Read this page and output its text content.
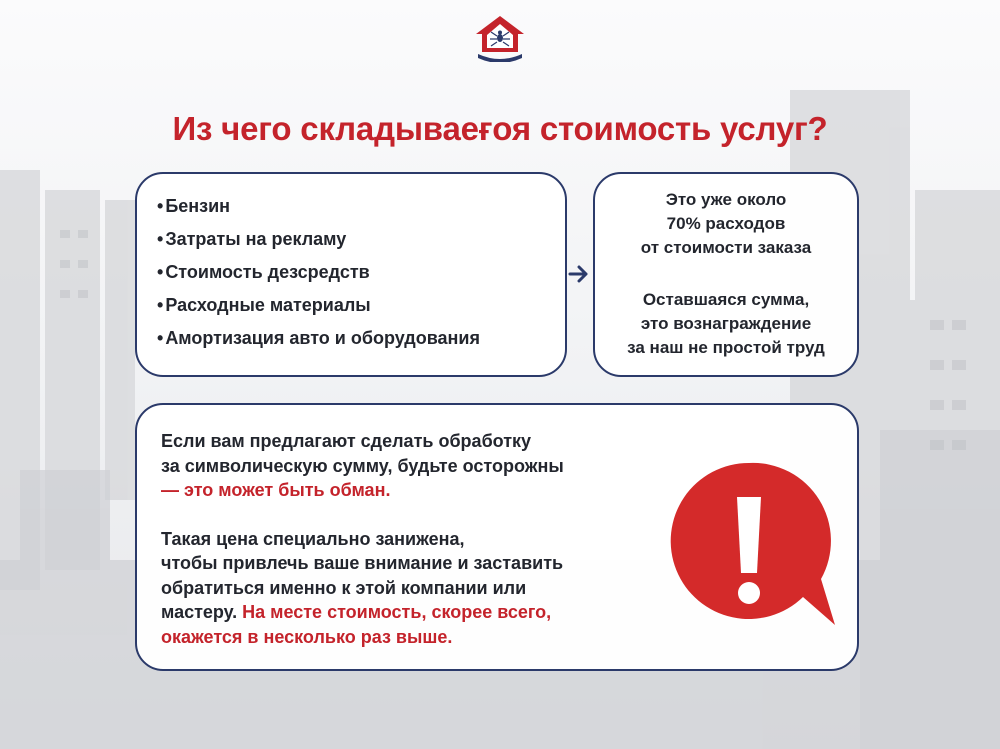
Из чего складываеғоя стоимость услуг?
• Бензин
• Затраты на рекламу
• Стоимость дезсредств
• Расходные материалы
• Амортизация авто и оборудования
Это уже около
70% расходов
от стоимости заказа
Оставшаяся сумма,
это вознаграждение
за наш не простой труд

Если вам предлагают сделать обработку

за символическую сумму, будьте осторожны

— это может быть обман.

Такая цена специально занижена,

чтобы привлечь ваше внимание и заставить

обратиться именно к этой компании или

мастеру. На месте стоимость, скорее всего,

окажется в несколько раз выше.
